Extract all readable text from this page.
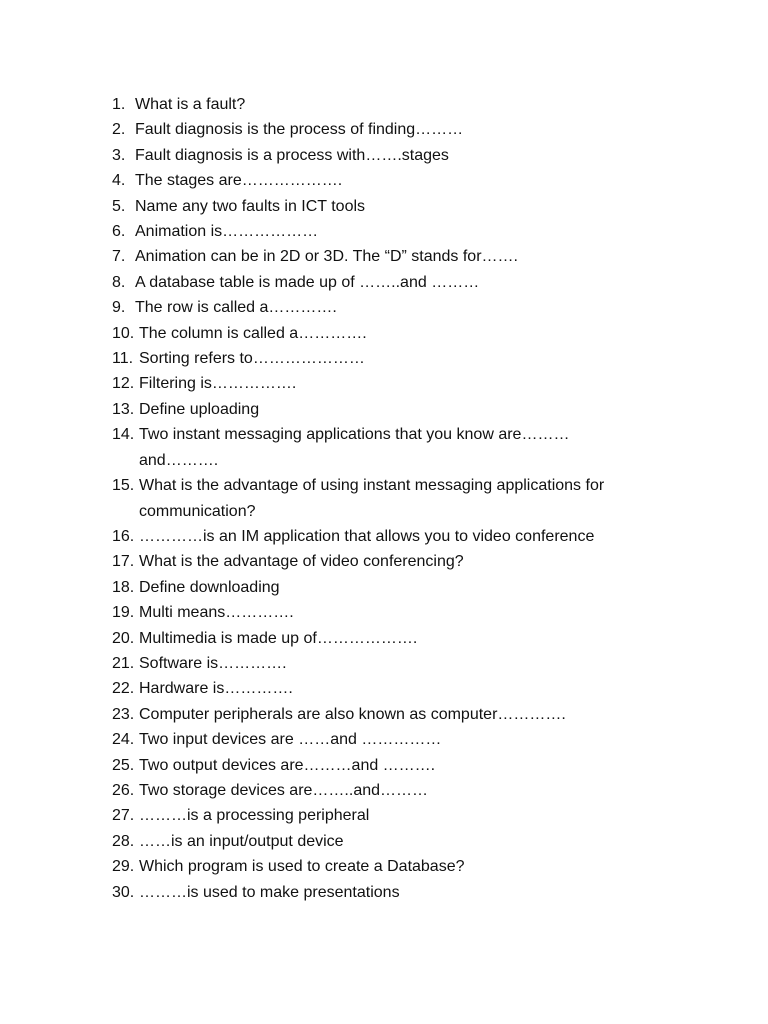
1. What is a fault?
2. Fault diagnosis is the process of finding………
3. Fault diagnosis is a process with…….stages
4. The stages are……………….
5. Name any two faults in ICT tools
6. Animation is………………
7. Animation can be in 2D or 3D. The “D” stands for…….
8. A database table is made up of ……..and ………
9. The row is called a………….
10. The column is called a………….
11. Sorting refers to…………………
12. Filtering is…………….
13. Define uploading
14. Two instant messaging applications that you know are………and……….
15. What is the advantage of using instant messaging applications for communication?
16. …………is an IM application that allows you to video conference
17. What is the advantage of video conferencing?
18. Define downloading
19. Multi means………….
20. Multimedia is made up of……………….
21. Software is………….
22. Hardware is………….
23. Computer peripherals are also known as computer………….
24. Two input devices are ……and ……………
25. Two output devices are………and ……….
26. Two storage devices are……..and………
27. ………is a processing peripheral
28. ……is an input/output device
29. Which program is used to create a Database?
30. ………is used to make presentations
